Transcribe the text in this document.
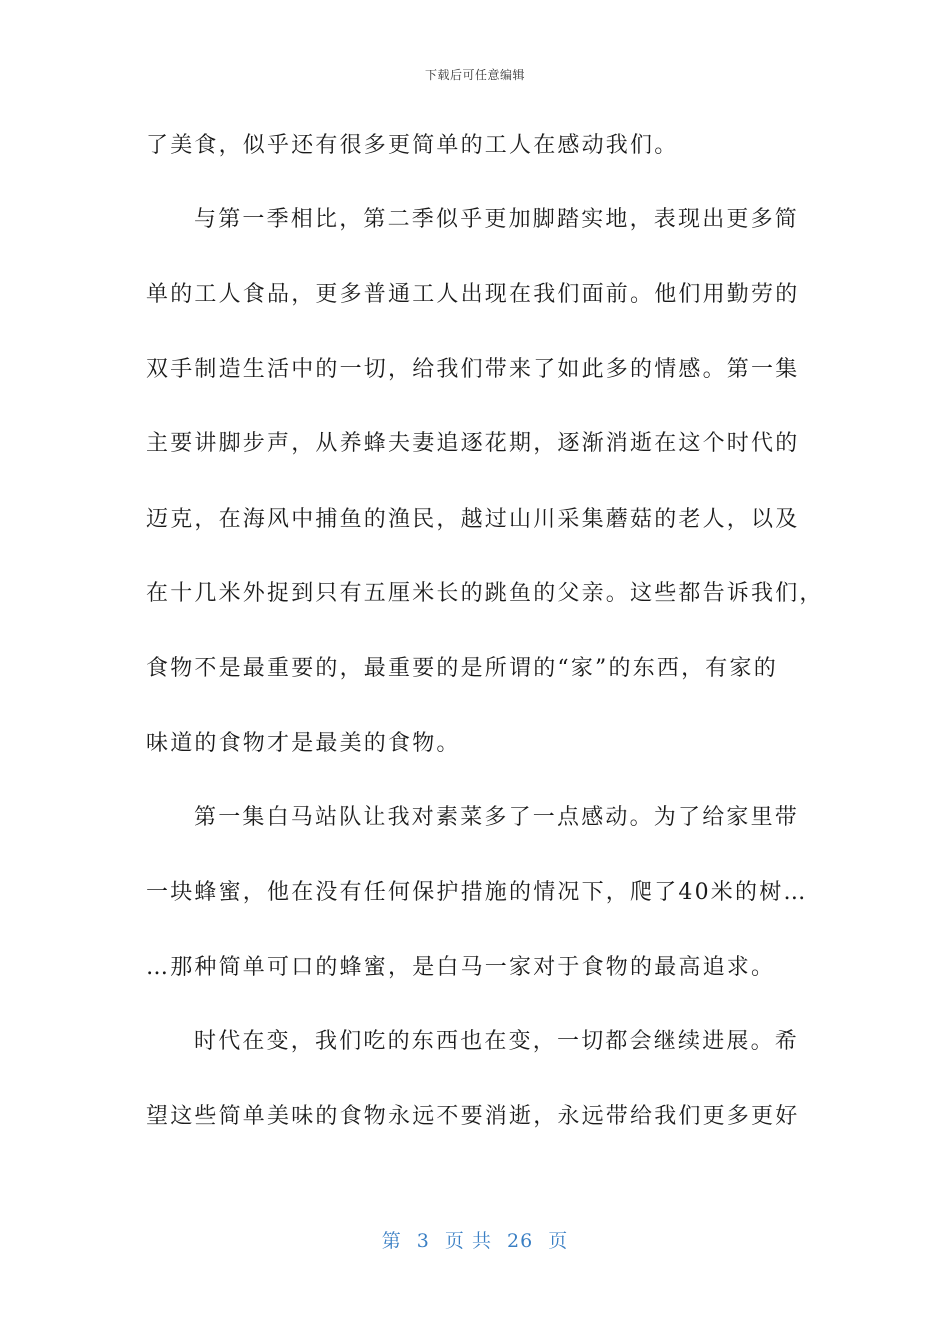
下载后可任意编辑
了美食，似乎还有很多更简单的工人在感动我们。
与第一季相比，第二季似乎更加脚踏实地，表现出更多简
单的工人食品，更多普通工人出现在我们面前。他们用勤劳的
双手制造生活中的一切，给我们带来了如此多的情感。第一集
主要讲脚步声，从养蜂夫妻追逐花期，逐渐消逝在这个时代的
迈克，在海风中捕鱼的渔民，越过山川采集蘑菇的老人，以及
在十几米外捉到只有五厘米长的跳鱼的父亲。这些都告诉我们，
食物不是最重要的，最重要的是所谓的“家”的东西，有家的
味道的食物才是最美的食物。
第一集白马站队让我对素菜多了一点感动。为了给家里带
一块蜂蜜，他在没有任何保护措施的情况下，爬了40米的树…
…那种简单可口的蜂蜜，是白马一家对于食物的最高追求。
时代在变，我们吃的东西也在变，一切都会继续进展。希
望这些简单美味的食物永远不要消逝，永远带给我们更多更好
第 3 页 共 26 页
